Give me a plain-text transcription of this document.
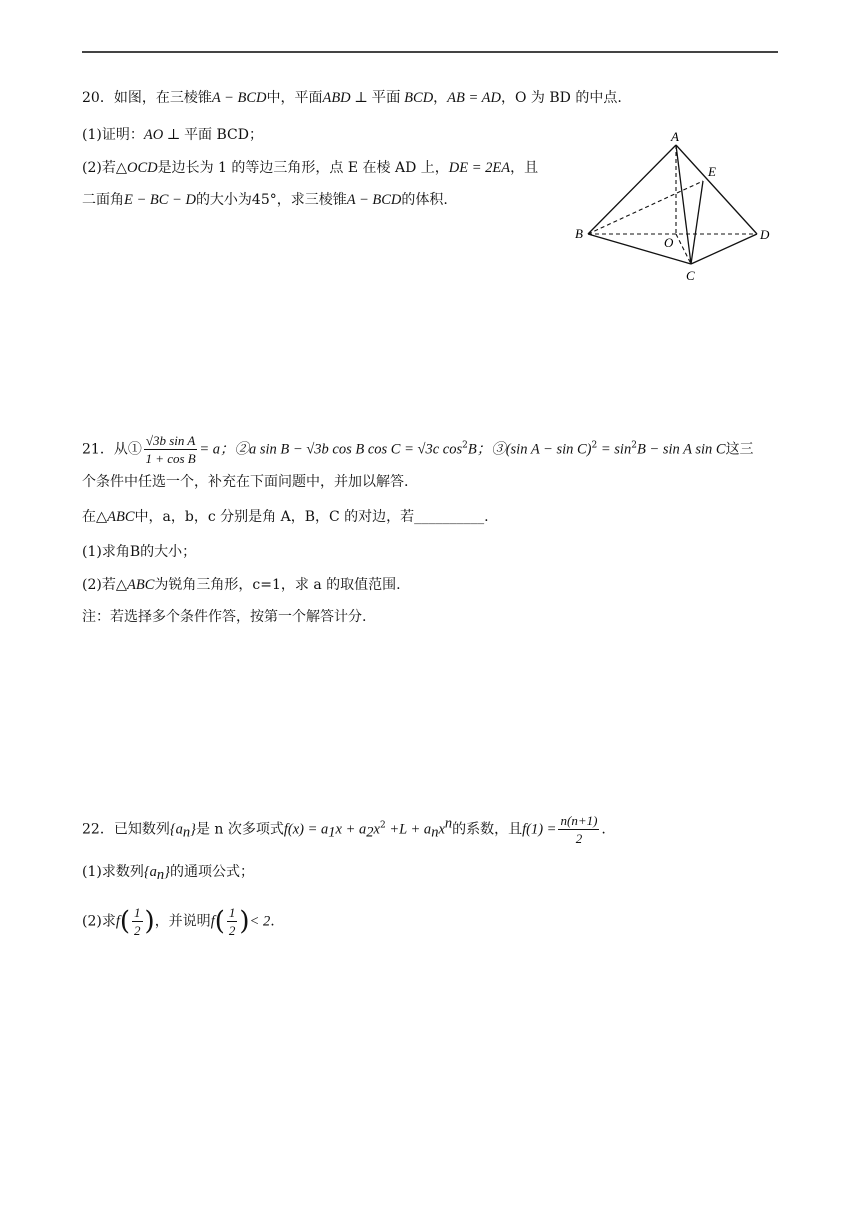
20．如图，在三棱锥A − BCD中，平面ABD ⊥ 平面 BCD，AB = AD，O 为 BD 的中点.
(1)证明：AO ⊥ 平面 BCD；
(2)若△OCD是边长为 1 的等边三角形，点 E 在棱 AD 上，DE = 2EA，且
二面角E − BC − D的大小为45°，求三棱锥A − BCD的体积.
A
E
B	D
O
C
21．从① $\frac{\text{√3b sin A}}{\text{1 + cos B}} = a$；②a sin B − √3b cos B cos C = √3c $\cos^2B$；③(sin $A - \sin C)^2 = \sin^2B - \sin A$ sin C这三
个条件中任选一个，补充在下面问题中，并加以解答.
在△ABC中，a，b，c 分别是角 A，B，C 的对边，若__________.
(1)求角B的大小；
(2)若△ABC为锐角三角形，c=1，求 a 的取值范围.
注：若选择多个条件作答，按第一个解答计分.
22．已知数列$\{a_n\}$是 n 次多项式$f(x) = a_1x + a_2x^2 +L + a_nx^n$的系数，且$f(1) = \frac{n(n+1)}{2}$ .
(1)求数列$\{a_n\}$的通项公式；
(2)求$f( \frac{1}{2}$ )，并说明$f( \frac{1}{2}$ )< 2.
